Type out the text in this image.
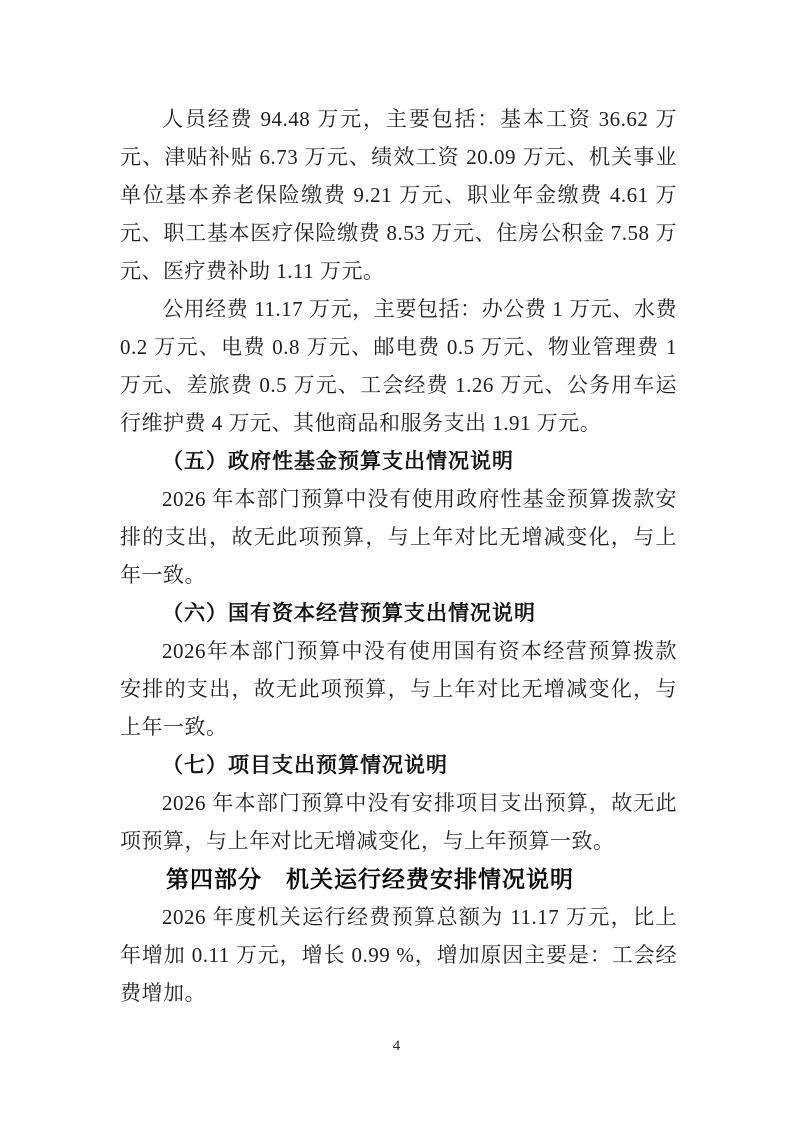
人员经费 94.48 万元，主要包括：基本工资 36.62 万元、津贴补贴 6.73 万元、绩效工资 20.09 万元、机关事业单位基本养老保险缴费 9.21 万元、职业年金缴费 4.61 万元、职工基本医疗保险缴费 8.53 万元、住房公积金 7.58 万元、医疗费补助 1.11 万元。

公用经费 11.17 万元，主要包括：办公费 1 万元、水费 0.2 万元、电费 0.8 万元、邮电费 0.5 万元、物业管理费 1 万元、差旅费 0.5 万元、工会经费 1.26 万元、公务用车运行维护费 4 万元、其他商品和服务支出 1.91 万元。

（五）政府性基金预算支出情况说明

2026 年本部门预算中没有使用政府性基金预算拨款安排的支出，故无此项预算，与上年对比无增减变化，与上年一致。

（六）国有资本经营预算支出情况说明

2026年本部门预算中没有使用国有资本经营预算拨款安排的支出，故无此项预算，与上年对比无增减变化，与上年一致。

（七）项目支出预算情况说明

2026 年本部门预算中没有安排项目支出预算，故无此项预算，与上年对比无增减变化，与上年预算一致。

第四部分　机关运行经费安排情况说明

2026 年度机关运行经费预算总额为 11.17 万元，比上年增加 0.11 万元，增长 0.99 %，增加原因主要是：工会经费增加。

4
